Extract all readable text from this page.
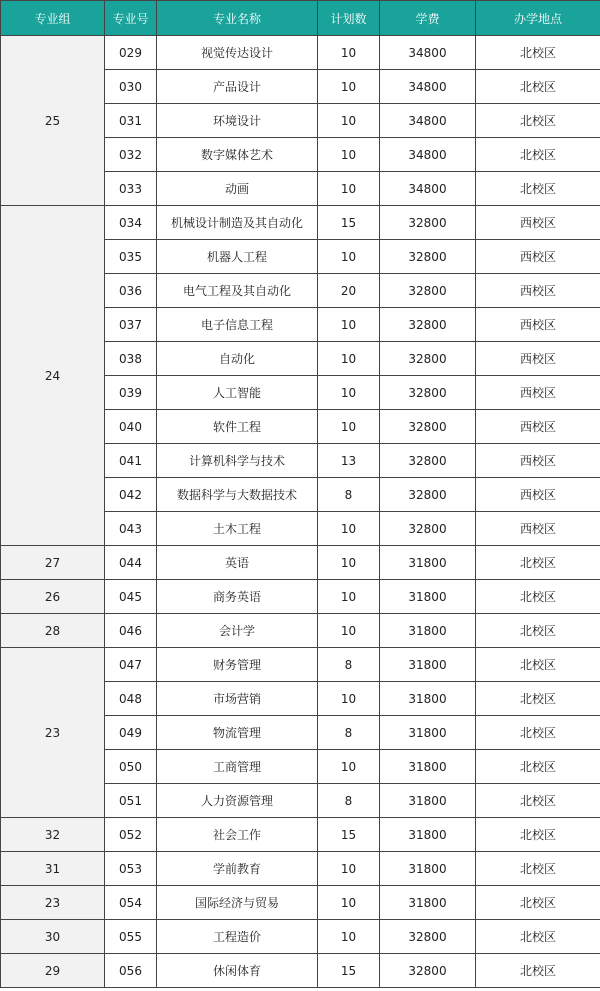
专业组	专业号	专业名称	计划数	学费	办学地点
25	029	视觉传达设计	10	34800	北校区
	030	产品设计	10	34800	北校区
	031	环境设计	10	34800	北校区
	032	数字媒体艺术	10	34800	北校区
	033	动画	10	34800	北校区
24	034	机械设计制造及其自动化	15	32800	西校区
	035	机器人工程	10	32800	西校区
	036	电气工程及其自动化	20	32800	西校区
	037	电子信息工程	10	32800	西校区
	038	自动化	10	32800	西校区
	039	人工智能	10	32800	西校区
	040	软件工程	10	32800	西校区
	041	计算机科学与技术	13	32800	西校区
	042	数据科学与大数据技术	8	32800	西校区
	043	土木工程	10	32800	西校区
27	044	英语	10	31800	北校区
26	045	商务英语	10	31800	北校区
28	046	会计学	10	31800	北校区
23	047	财务管理	8	31800	北校区
	048	市场营销	10	31800	北校区
	049	物流管理	8	31800	北校区
	050	工商管理	10	31800	北校区
	051	人力资源管理	8	31800	北校区
32	052	社会工作	15	31800	北校区
31	053	学前教育	10	31800	北校区
23	054	国际经济与贸易	10	31800	北校区
30	055	工程造价	10	32800	北校区
29	056	休闲体育	15	32800	北校区
